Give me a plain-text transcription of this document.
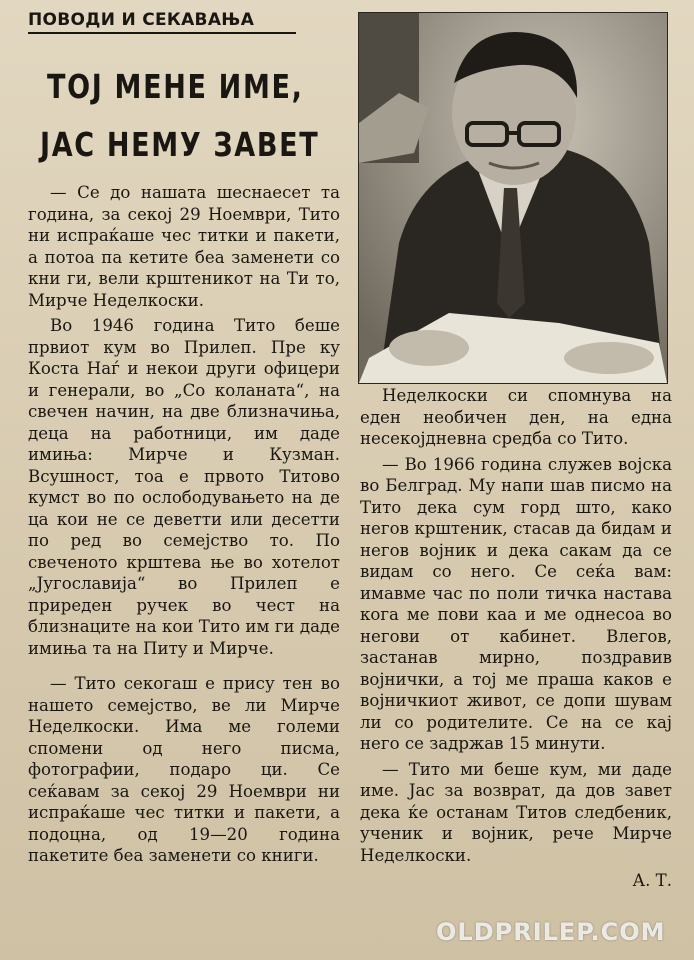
ПОВОДИ И СЕКАВАЊА
ТОЈ МЕНЕ ИМЕ,
ЈАС НЕМУ ЗАВЕТ

— Се до нашата шеснаесет та година, за секој 29 Ноември, Тито ни испраќаше чес титки и пакети, а потоа па кетите беа заменети со кни ги, вели крштеникот на Ти то, Мирче Неделкоски.

Во 1946 година Тито беше првиот кум во Прилеп. Пре ку Коста Наѓ и некои други офицери и генерали, во „Со коланата“, на свечен начин, на две близначиња, деца на работници, им даде имиња: Мирче и Кузман. Всушност, тоа е првото Титово кумст во по ослободувањето на де ца кои не се деветти или десетти по ред во семејство то. По свеченото крштева ње во хотелот „Југославија“ во Прилеп е приреден ручек во чест на близнаците на кои Тито им ги даде имиња та на Питу и Мирче.

— Тито секогаш е прису тен во нашето семејство, ве ли Мирче Неделкоски. Има ме големи спомени од него писма, фотографии, подаро ци. Се сеќавам за секој 29 Ноември ни испраќаше чес титки и пакети, а подоцна, од 19—20 година пакетите беа заменети со книги.

Неделкоски си спомнува на еден необичен ден, на една несекојдневна средба со Тито.

— Во 1966 година служев војска во Белград. Му напи шав писмо на Тито дека сум горд што, како негов крштеник, стасав да бидам и негов војник и дека сакам да се видам со него. Се сеќа вам: имавме час по поли тичка настава кога ме пови каа и ме однесоа во негови от кабинет. Влегов, застанав мирно, поздравив војнички, а тој ме праша каков е војничкиот живот, се допи шувам ли со родителите. Се на се кај него се задржав 15 минути.

— Тито ми беше кум, ми даде име. Јас за возврат, да дов завет дека ќе останам Титов следбеник, ученик и војник, рече Мирче Неделкоски.

А. Т.

OLDPRILEP.COM
